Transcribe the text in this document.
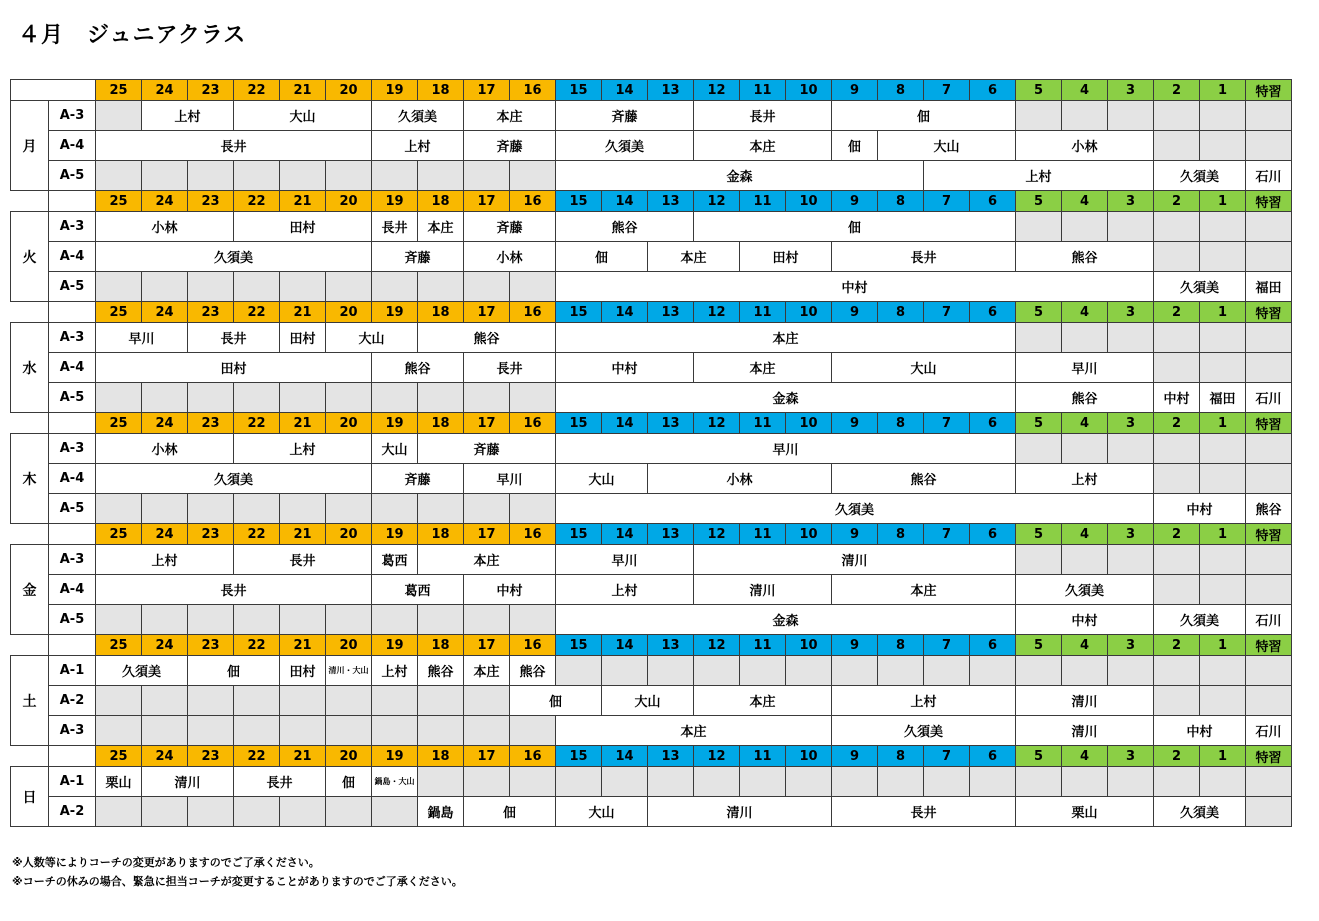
４月　ジュニアクラス
		25	24	23	22	21	20	19	18	17	16	15	14	13	12	11	10	9	8	7	6	5	4	3	2	1	特習
月	A-3		上村		大山			久須美		本庄		斉藤			長井			佃									
	A-4	長井						上村		斉藤		久須美			本庄			佃	大山			小林					
	A-5											金森								上村					久須美		石川
		25	24	23	22	21	20	19	18	17	16	15	14	13	12	11	10	9	8	7	6	5	4	3	2	1	特習
火	A-3	小林			田村			長井	本庄	斉藤		熊谷			佃												
	A-4	久須美						斉藤		小林		佃		本庄		田村		長井				熊谷					
	A-5											中村													久須美		福田
		25	24	23	22	21	20	19	18	17	16	15	14	13	12	11	10	9	8	7	6	5	4	3	2	1	特習
水	A-3	早川		長井		田村	大山		熊谷			本庄															
	A-4	田村						熊谷		長井		中村			本庄			大山				早川					
	A-5											金森										熊谷			中村	福田	石川
		25	24	23	22	21	20	19	18	17	16	15	14	13	12	11	10	9	8	7	6	5	4	3	2	1	特習
木	A-3	小林			上村			大山	斉藤			早川															
	A-4	久須美						斉藤		早川		大山		小林				熊谷				上村					
	A-5											久須美													中村		熊谷
		25	24	23	22	21	20	19	18	17	16	15	14	13	12	11	10	9	8	7	6	5	4	3	2	1	特習
金	A-3	上村			長井			葛西	本庄			早川			清川												
	A-4	長井						葛西		中村		上村			清川			本庄				久須美					
	A-5											金森										中村			久須美		石川
		25	24	23	22	21	20	19	18	17	16	15	14	13	12	11	10	9	8	7	6	5	4	3	2	1	特習
土	A-1	久須美		佃		田村	清川・大山	上村	熊谷	本庄	熊谷																
	A-2										佃		大山		本庄			上村				清川					
	A-3											本庄						久須美				清川			中村		石川
		25	24	23	22	21	20	19	18	17	16	15	14	13	12	11	10	9	8	7	6	5	4	3	2	1	特習
日	A-1	栗山	清川		長井		佃	鍋島・大山																			
	A-2								鍋島	佃		大山		清川				長井				栗山			久須美		
※人数等によりコーチの変更がありますのでご了承ください。
※コーチの休みの場合、緊急に担当コーチが変更することがありますのでご了承ください。
